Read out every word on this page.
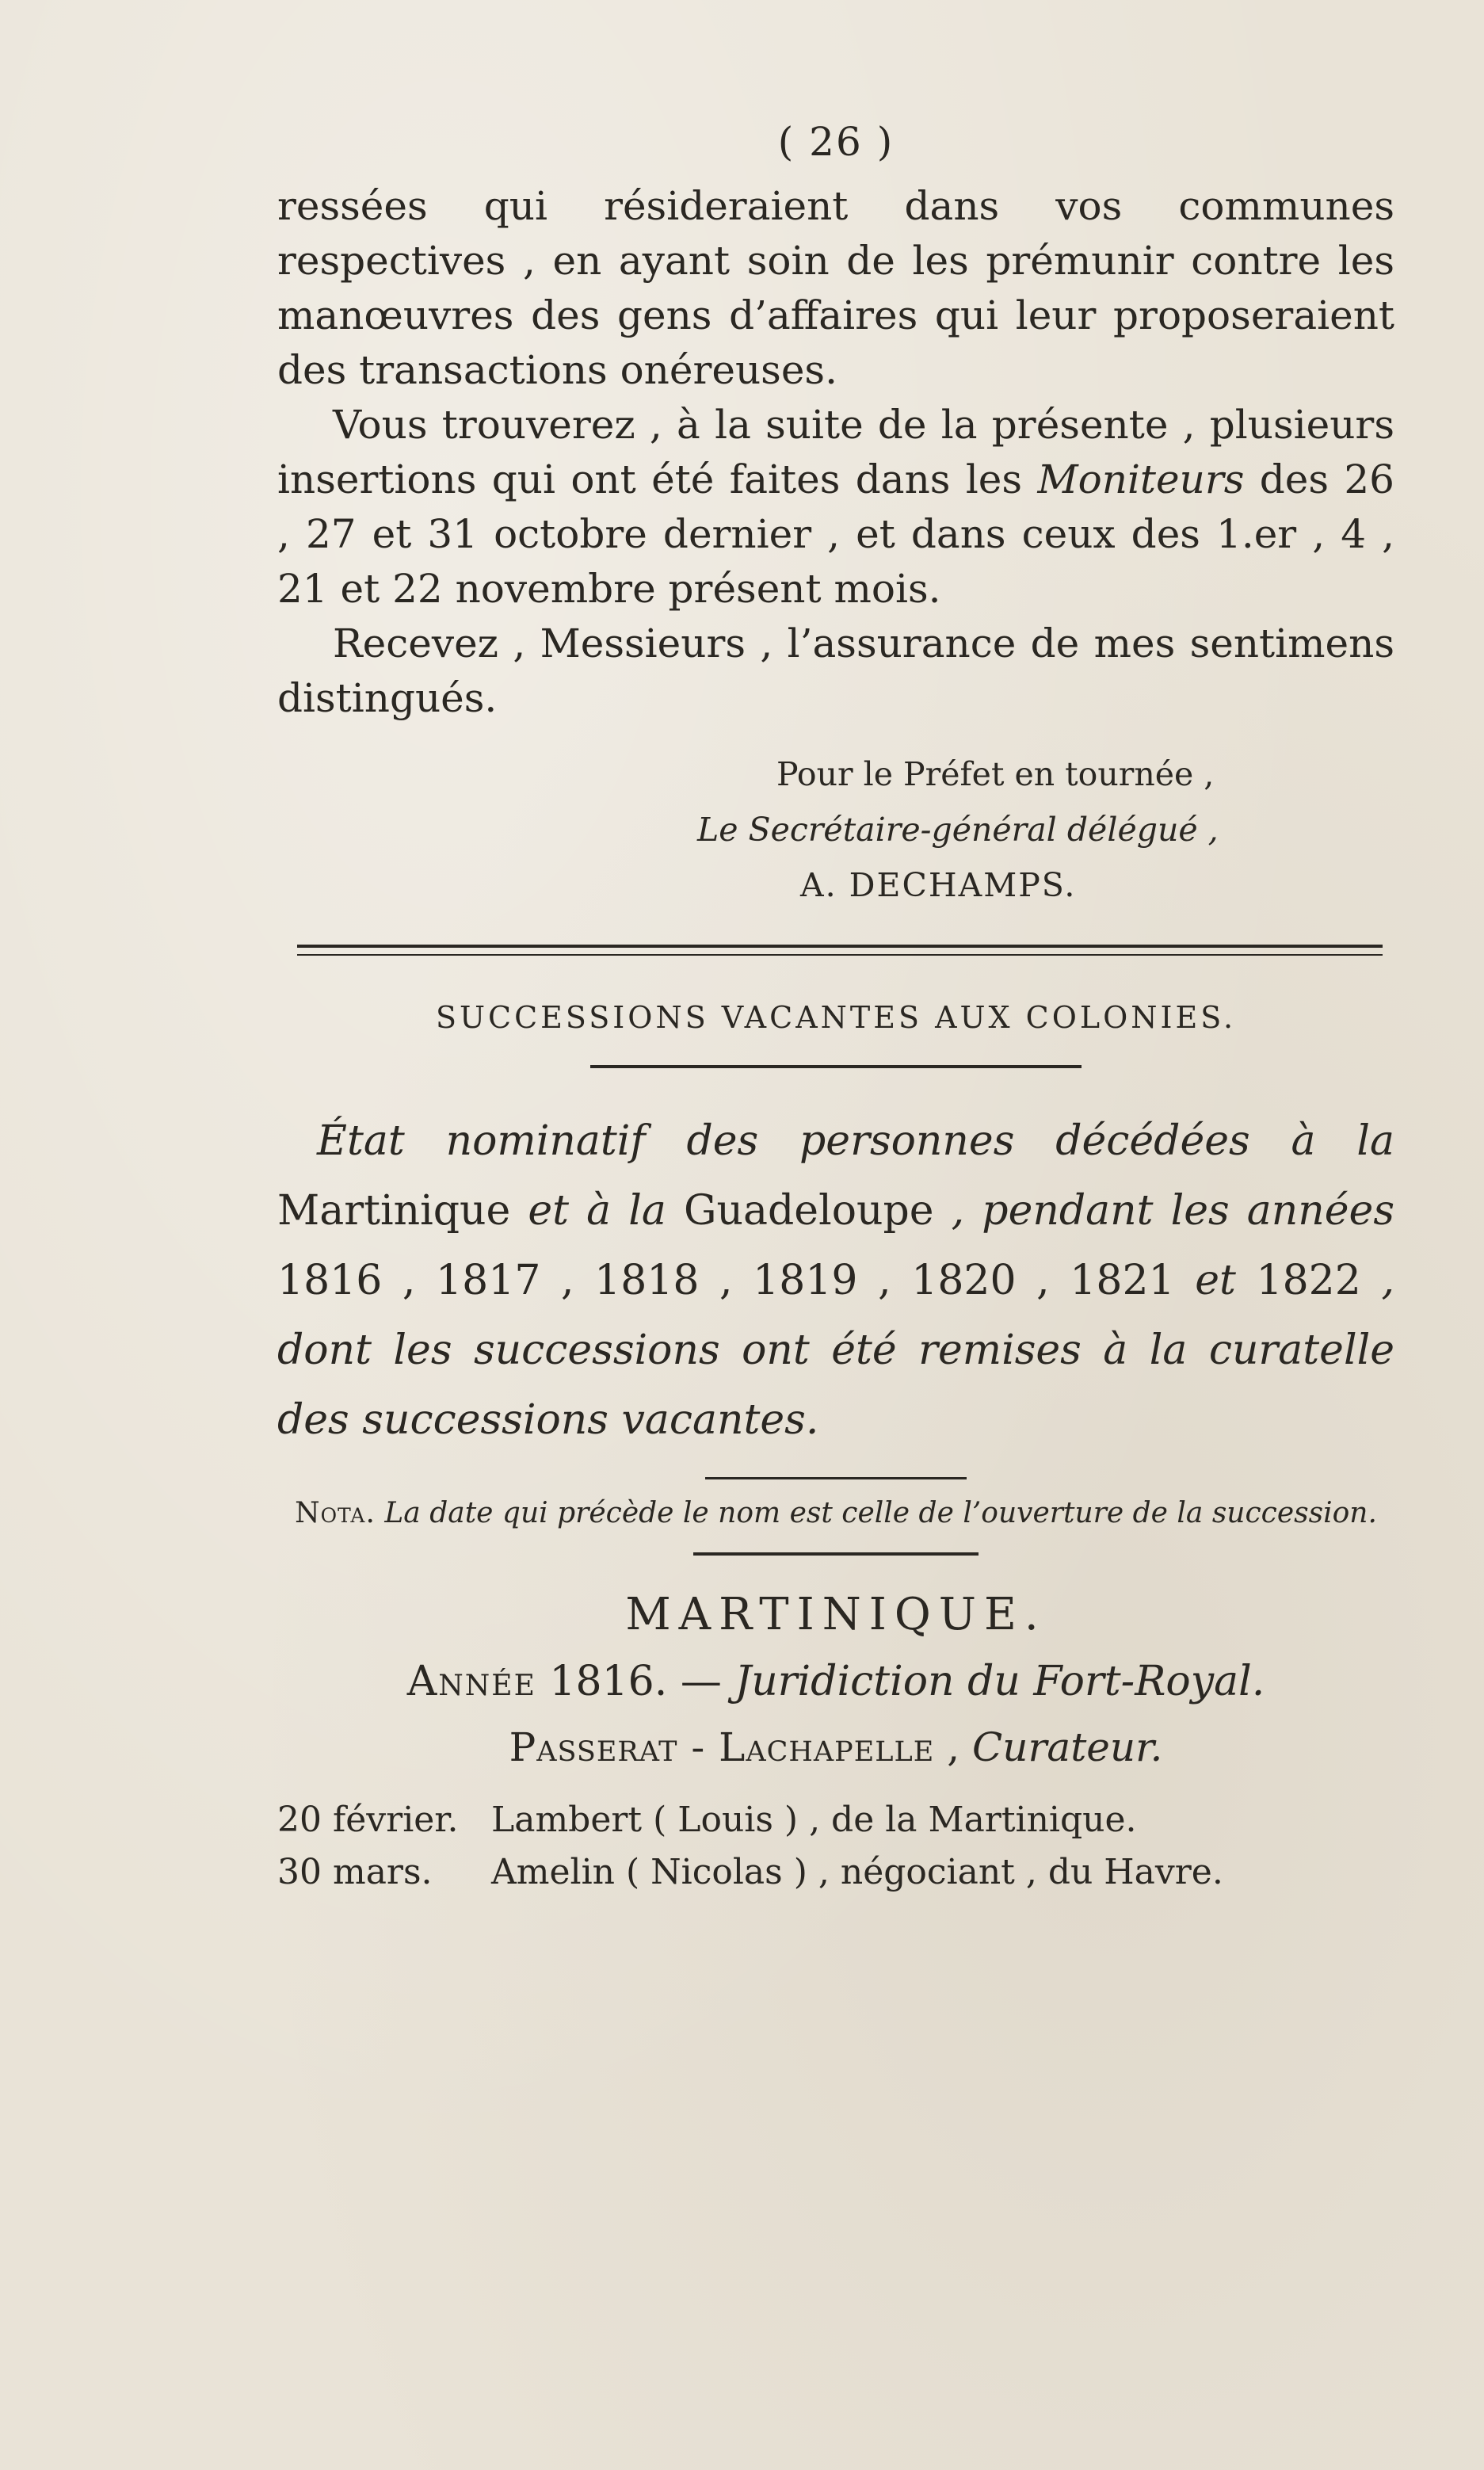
( 26 )

ressées qui résideraient dans vos communes respectives , en ayant soin de les prémunir contre les manœuvres des gens d’affaires qui leur proposeraient des transactions onéreuses.

Vous trouverez , à la suite de la présente , plusieurs insertions qui ont été faites dans les Moniteurs des 26 , 27 et 31 octobre dernier , et dans ceux des 1.er , 4 , 21 et 22 novembre présent mois.

Recevez , Messieurs , l’assurance de mes sentimens distingués.

Pour le Préfet en tournée ,
Le Secrétaire-général délégué ,
A. DECHAMPS.
SUCCESSIONS VACANTES AUX COLONIES.

État nominatif des personnes décédées à la Martinique et à la Guadeloupe , pendant les années 1816 , 1817 , 1818 , 1819 , 1820 , 1821 et 1822 , dont les successions ont été remises à la curatelle des successions vacantes.

Nota. La date qui précède le nom est celle de l’ouverture de la succession.
MARTINIQUE.
Année 1816. — Juridiction du Fort-Royal.
Passerat - Lachapelle , Curateur.
20 février. Lambert ( Louis ) , de la Martinique.
30 mars. Amelin ( Nicolas ) , négociant , du Havre.
